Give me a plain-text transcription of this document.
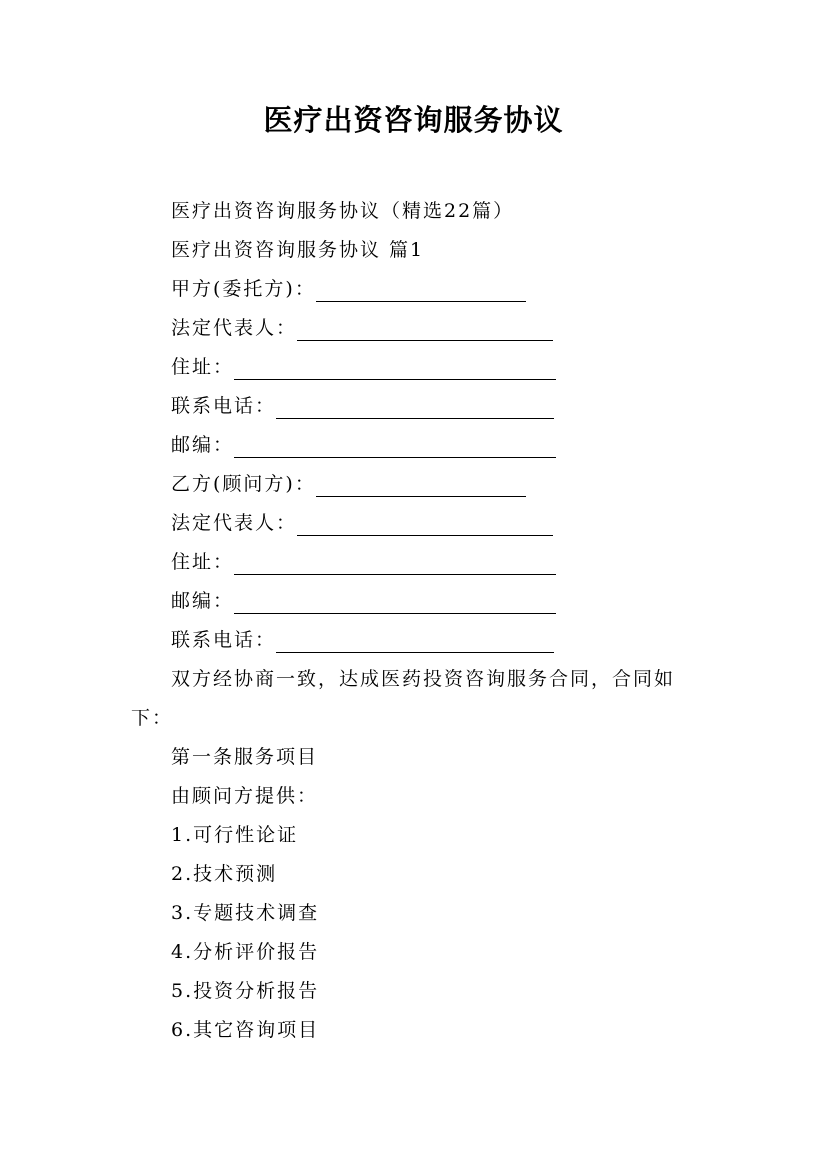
医疗出资咨询服务协议
医疗出资咨询服务协议（精选22篇）
医疗出资咨询服务协议 篇1
甲方(委托方)：
法定代表人：
住址：
联系电话：
邮编：
乙方(顾问方)：
法定代表人：
住址：
邮编：
联系电话：
双方经协商一致，达成医药投资咨询服务合同，合同如
下：
第一条服务项目
由顾问方提供：
1.可行性论证
2.技术预测
3.专题技术调查
4.分析评价报告
5.投资分析报告
6.其它咨询项目
